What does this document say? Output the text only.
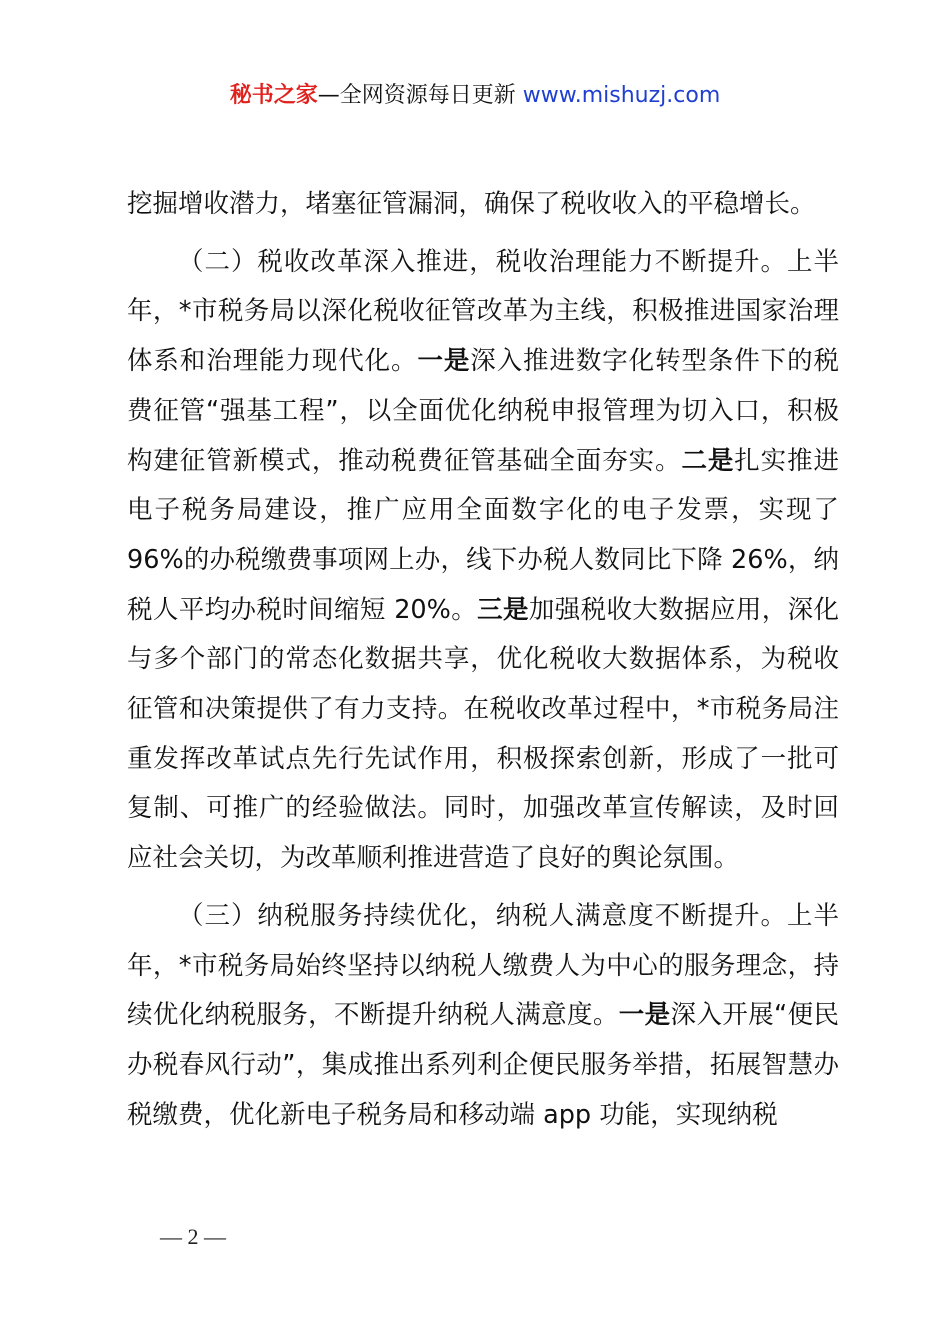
秘书之家—全网资源每日更新 www.mishuzj.com

挖掘增收潜力，堵塞征管漏洞，确保了税收收入的平稳增长。

（二）税收改革深入推进，税收治理能力不断提升。上半年，*市税务局以深化税收征管改革为主线，积极推进国家治理体系和治理能力现代化。一是深入推进数字化转型条件下的税费征管“强基工程”，以全面优化纳税申报管理为切入口，积极构建征管新模式，推动税费征管基础全面夯实。二是扎实推进电子税务局建设，推广应用全面数字化的电子发票，实现了96%的办税缴费事项网上办，线下办税人数同比下降 26%，纳税人平均办税时间缩短 20%。三是加强税收大数据应用，深化与多个部门的常态化数据共享，优化税收大数据体系，为税收征管和决策提供了有力支持。在税收改革过程中，*市税务局注重发挥改革试点先行先试作用，积极探索创新，形成了一批可复制、可推广的经验做法。同时，加强改革宣传解读，及时回应社会关切，为改革顺利推进营造了良好的舆论氛围。

（三）纳税服务持续优化，纳税人满意度不断提升。上半年，*市税务局始终坚持以纳税人缴费人为中心的服务理念，持续优化纳税服务，不断提升纳税人满意度。一是深入开展“便民办税春风行动”，集成推出系列利企便民服务举措，拓展智慧办税缴费，优化新电子税务局和移动端 app 功能，实现纳税

— 2 —
